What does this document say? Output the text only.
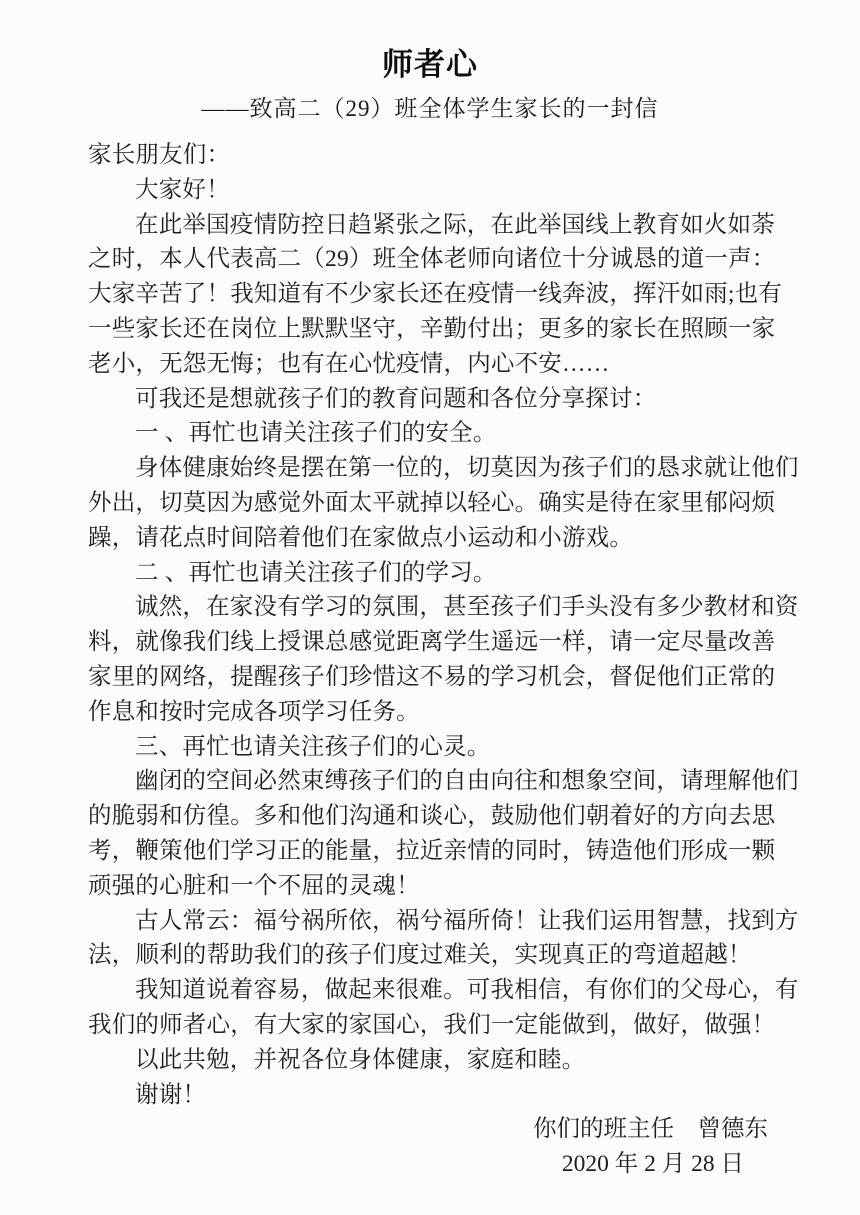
师者心
——致高二（29）班全体学生家长的一封信
家长朋友们：
大家好！
在此举国疫情防控日趋紧张之际，在此举国线上教育如火如荼
之时，本人代表高二（29）班全体老师向诸位十分诚恳的道一声：
大家辛苦了！我知道有不少家长还在疫情一线奔波，挥汗如雨;也有
一些家长还在岗位上默默坚守，辛勤付出；更多的家长在照顾一家
老小，无怨无悔；也有在心忧疫情，内心不安……
可我还是想就孩子们的教育问题和各位分享探讨：
一 、再忙也请关注孩子们的安全。
身体健康始终是摆在第一位的，切莫因为孩子们的恳求就让他们
外出，切莫因为感觉外面太平就掉以轻心。确实是待在家里郁闷烦
躁，请花点时间陪着他们在家做点小运动和小游戏。
二 、再忙也请关注孩子们的学习。
诚然，在家没有学习的氛围，甚至孩子们手头没有多少教材和资
料，就像我们线上授课总感觉距离学生遥远一样，请一定尽量改善
家里的网络，提醒孩子们珍惜这不易的学习机会，督促他们正常的
作息和按时完成各项学习任务。
三、再忙也请关注孩子们的心灵。
幽闭的空间必然束缚孩子们的自由向往和想象空间，请理解他们
的脆弱和仿徨。多和他们沟通和谈心，鼓励他们朝着好的方向去思
考，鞭策他们学习正的能量，拉近亲情的同时，铸造他们形成一颗
顽强的心脏和一个不屈的灵魂！
古人常云：福兮祸所依，祸兮福所倚！让我们运用智慧，找到方
法，顺利的帮助我们的孩子们度过难关，实现真正的弯道超越！
我知道说着容易，做起来很难。可我相信，有你们的父母心，有
我们的师者心，有大家的家国心，我们一定能做到，做好，做强！
以此共勉，并祝各位身体健康，家庭和睦。
谢谢！
你们的班主任　曾德东
2020 年 2 月 28 日
